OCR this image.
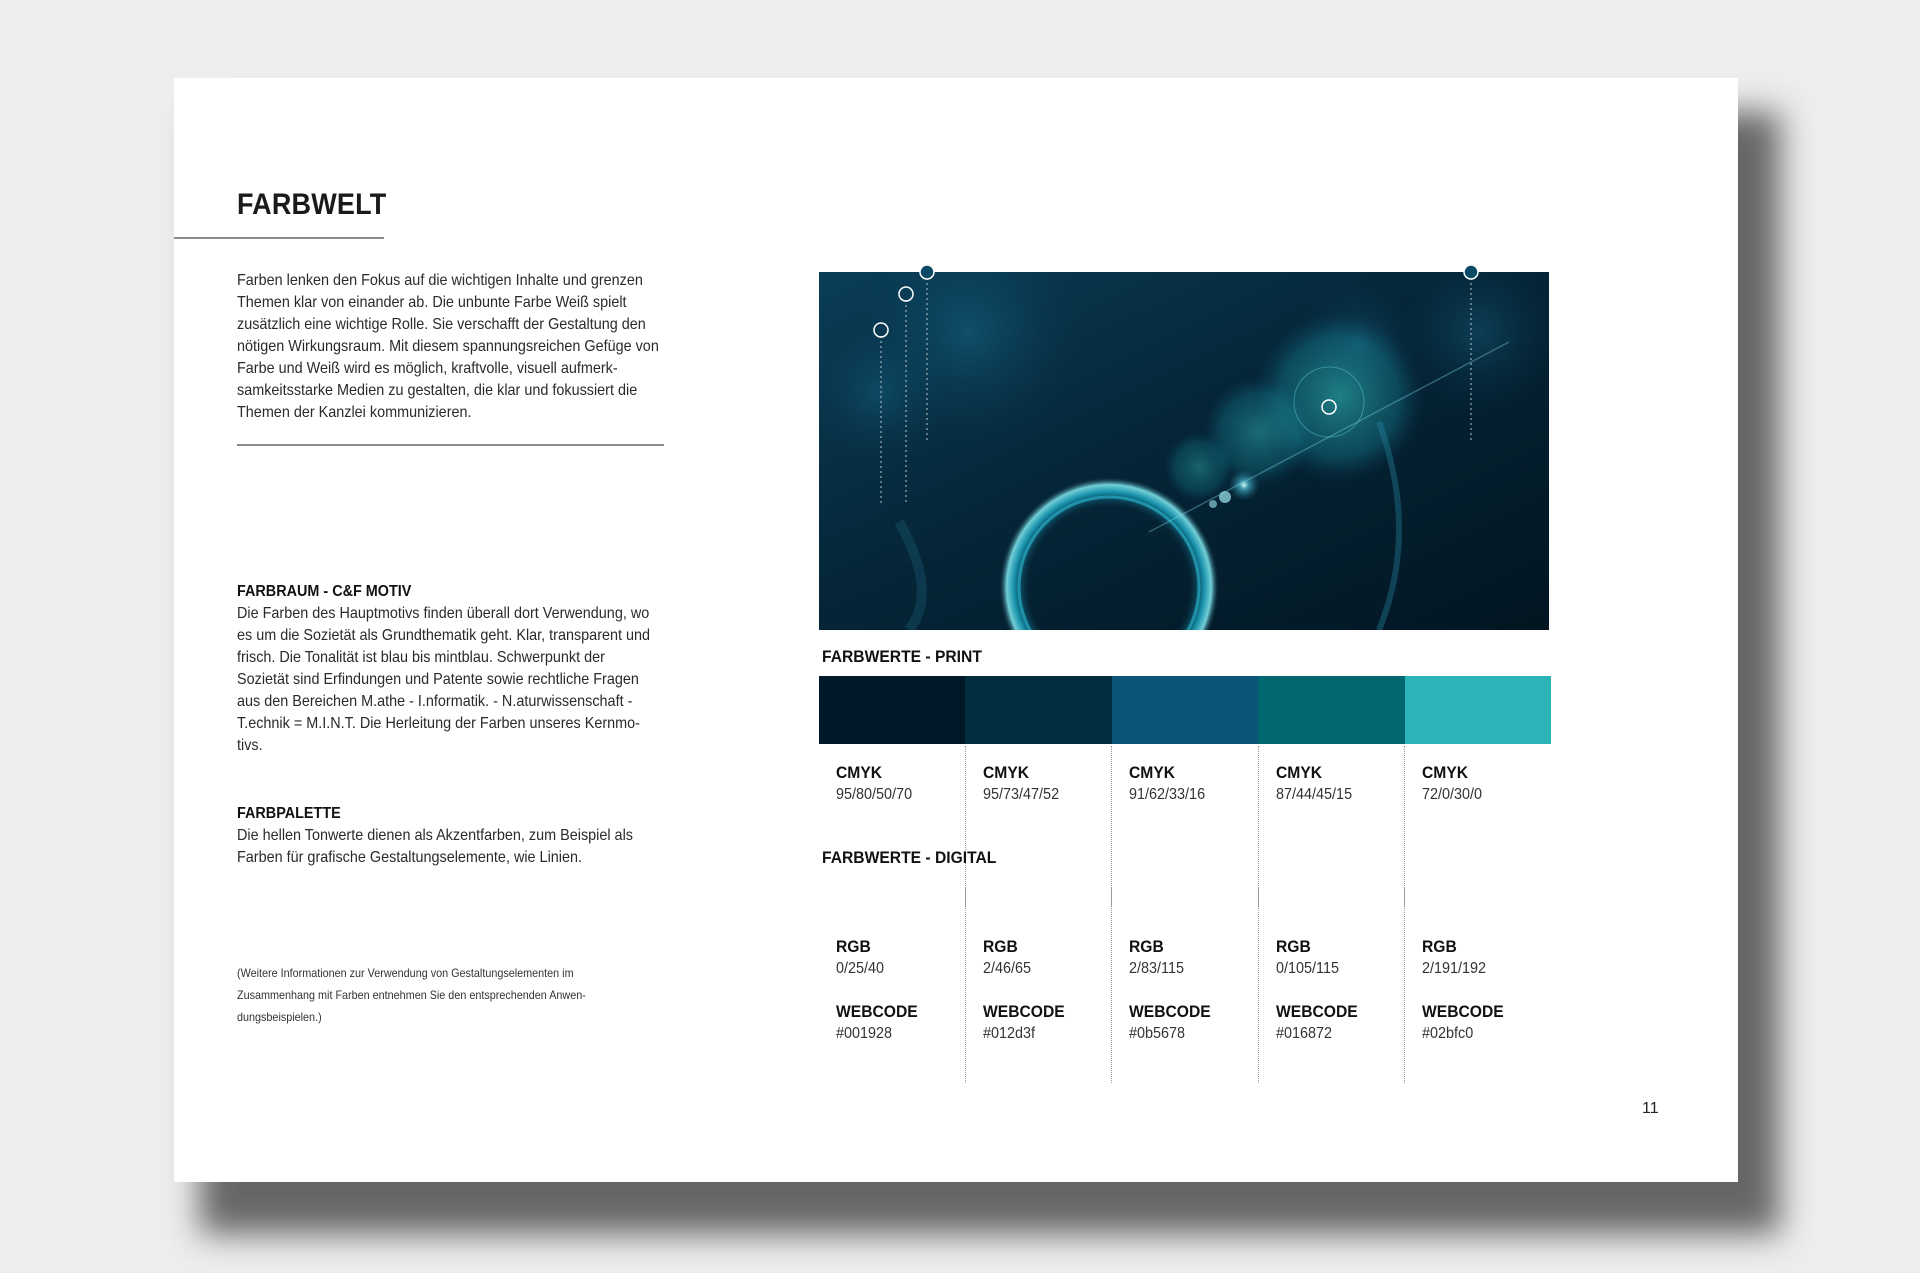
FARBWELT

Farben lenken den Fokus auf die wichtigen Inhalte und grenzen Themen klar von einander ab. Die unbunte Farbe Weiß spielt zusätzlich eine wichtige Rolle. Sie verschafft der Gestaltung den nötigen Wirkungsraum. Mit diesem spannungsreichen Gefüge von Farbe und Weiß wird es möglich, kraftvolle, visuell aufmerk-samkeitsstarke Medien zu gestalten, die klar und fokussiert die Themen der Kanzlei kommunizieren.

FARBRAUM - C&F MOTIV

Die Farben des Hauptmotivs finden überall dort Verwendung, wo es um die Sozietät als Grundthematik geht. Klar, transparent und frisch. Die Tonalität ist blau bis mintblau. Schwerpunkt der Sozietät sind Erfindungen und Patente sowie rechtliche Fragen aus den Bereichen M.athe - I.nformatik. - N.aturwissenschaft - T.echnik = M.I.N.T. Die Herleitung der Farben unseres Kernmo-tivs.

FARBPALETTE

Die hellen Tonwerte dienen als Akzentfarben, zum Beispiel als Farben für grafische Gestaltungselemente, wie Linien.

(Weitere Informationen zur Verwendung von Gestaltungselementen im Zusammenhang mit Farben entnehmen Sie den entsprechenden Anwen-dungsbeispielen.)
FARBWERTE - PRINT
CMYK
95/80/50/70
CMYK
95/73/47/52
CMYK
91/62/33/16
CMYK
87/44/45/15
CMYK
72/0/30/0
FARBWERTE - DIGITAL
RGB
0/25/40
WEBCODE
#001928
RGB
2/46/65
WEBCODE
#012d3f
RGB
2/83/115
WEBCODE
#0b5678
RGB
0/105/115
WEBCODE
#016872
RGB
2/191/192
WEBCODE
#02bfc0
11
